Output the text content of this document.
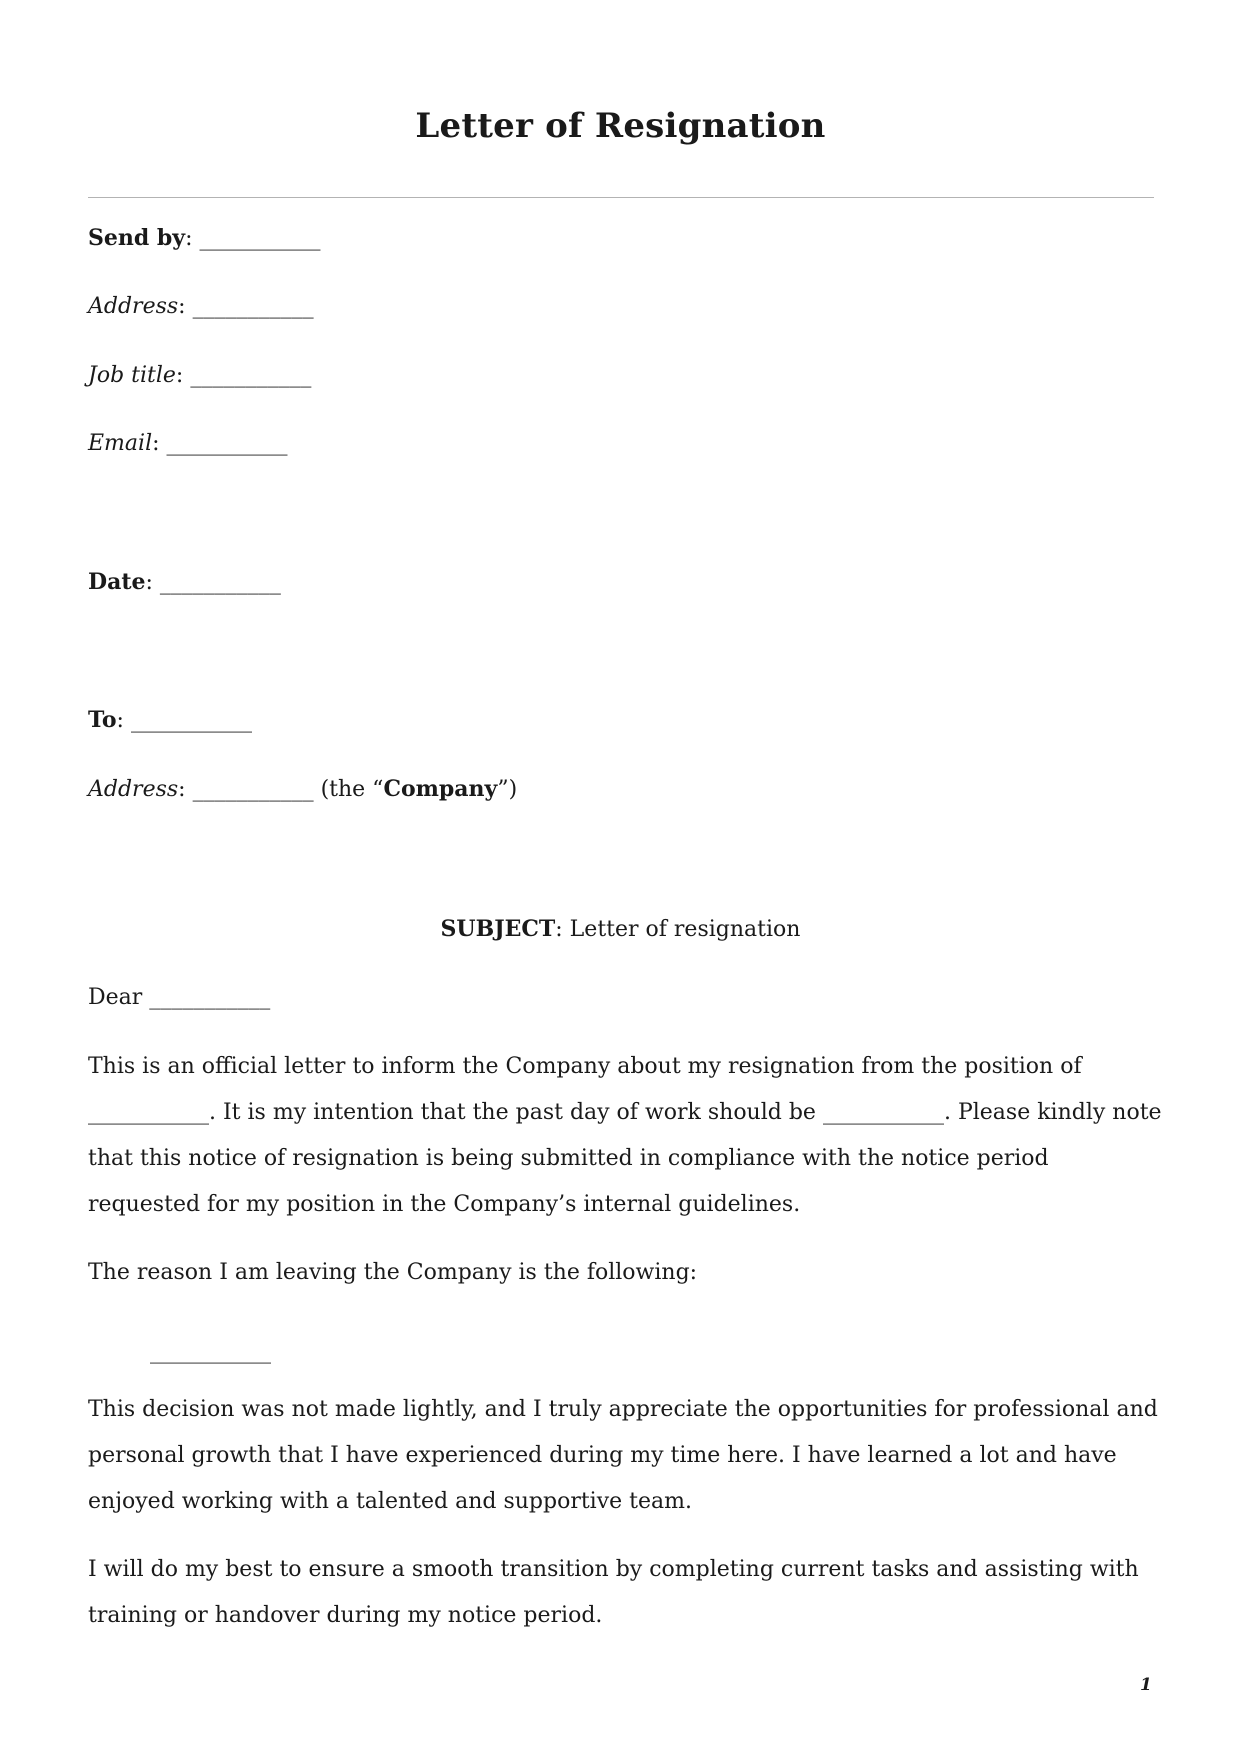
Letter of Resignation
Send by: ___________
Address: ___________
Job title: ___________
Email: ___________
Date: ___________
To: ___________
Address: ___________ (the “Company”)
SUBJECT: Letter of resignation
Dear ___________

This is an official letter to inform the Company about my resignation from the position of ___________. It is my intention that the past day of work should be ___________. Please kindly note that this notice of resignation is being submitted in compliance with the notice period requested for my position in the Company’s internal guidelines.

The reason I am leaving the Company is the following:
___________
This decision was not made lightly, and I truly appreciate the opportunities for professional and personal growth that I have experienced during my time here. I have learned a lot and have enjoyed working with a talented and supportive team.
I will do my best to ensure a smooth transition by completing current tasks and assisting with training or handover during my notice period.
1
